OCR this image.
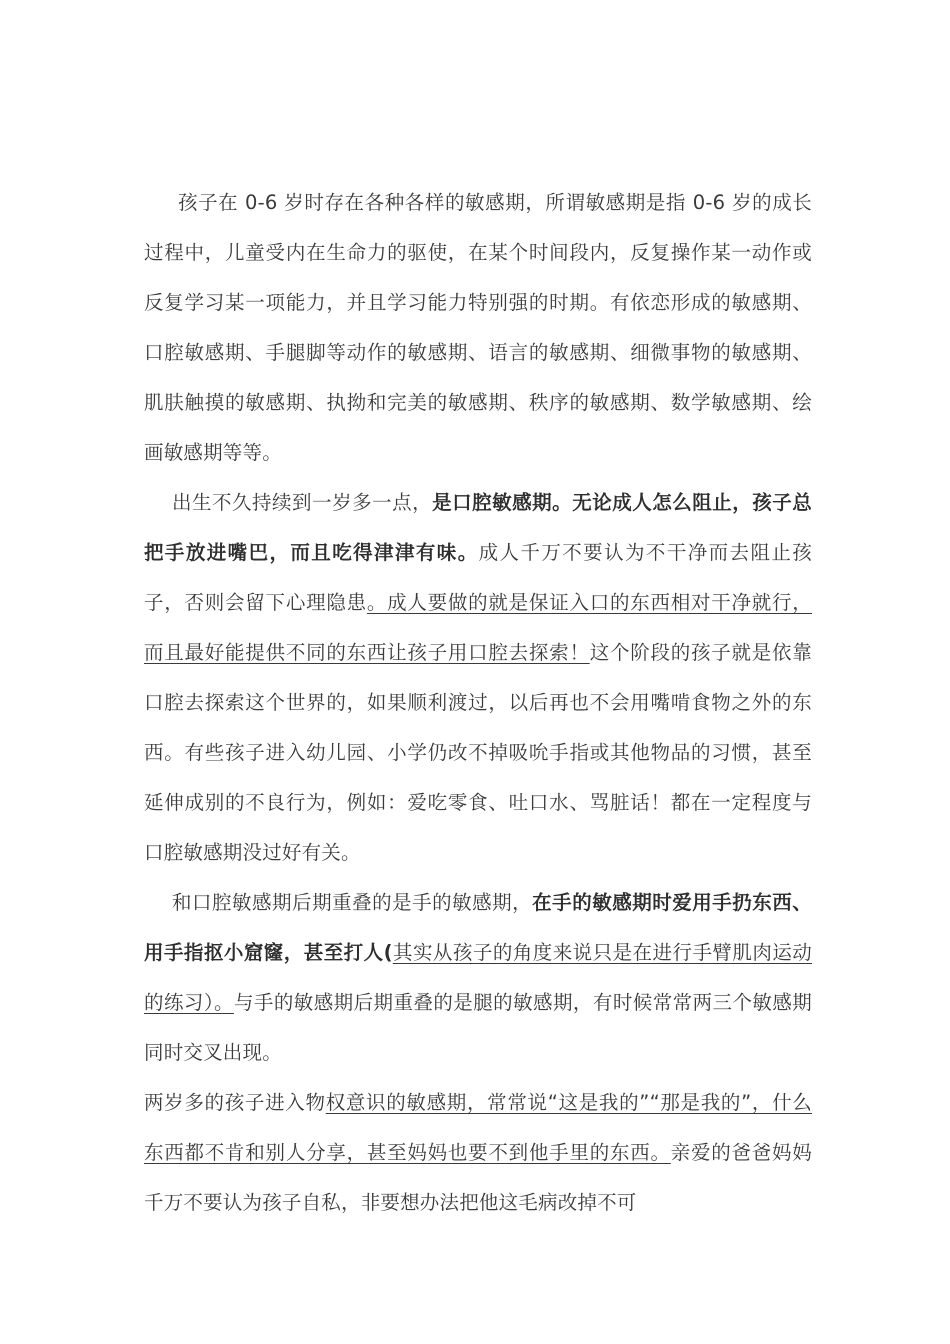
孩子在 0-6 岁时存在各种各样的敏感期，所谓敏感期是指 0-6 岁的成长过程中，儿童受内在生命力的驱使，在某个时间段内，反复操作某一动作或反复学习某一项能力，并且学习能力特别强的时期。有依恋形成的敏感期、口腔敏感期、手腿脚等动作的敏感期、语言的敏感期、细微事物的敏感期、肌肤触摸的敏感期、执拗和完美的敏感期、秩序的敏感期、数学敏感期、绘画敏感期等等。

出生不久持续到一岁多一点，是口腔敏感期。无论成人怎么阻止，孩子总把手放进嘴巴，而且吃得津津有味。成人千万不要认为不干净而去阻止孩子，否则会留下心理隐患。成人要做的就是保证入口的东西相对干净就行，而且最好能提供不同的东西让孩子用口腔去探索！这个阶段的孩子就是依靠口腔去探索这个世界的，如果顺利渡过，以后再也不会用嘴啃食物之外的东西。有些孩子进入幼儿园、小学仍改不掉吸吮手指或其他物品的习惯，甚至延伸成别的不良行为，例如：爱吃零食、吐口水、骂脏话！都在一定程度与口腔敏感期没过好有关。

和口腔敏感期后期重叠的是手的敏感期，在手的敏感期时爱用手扔东西、用手指抠小窟窿，甚至打人(其实从孩子的角度来说只是在进行手臂肌肉运动的练习）。与手的敏感期后期重叠的是腿的敏感期，有时候常常两三个敏感期同时交叉出现。

两岁多的孩子进入物权意识的敏感期，常常说“这是我的”“那是我的”，什么东西都不肯和别人分享，甚至妈妈也要不到他手里的东西。亲爱的爸爸妈妈千万不要认为孩子自私，非要想办法把他这毛病改掉不可
